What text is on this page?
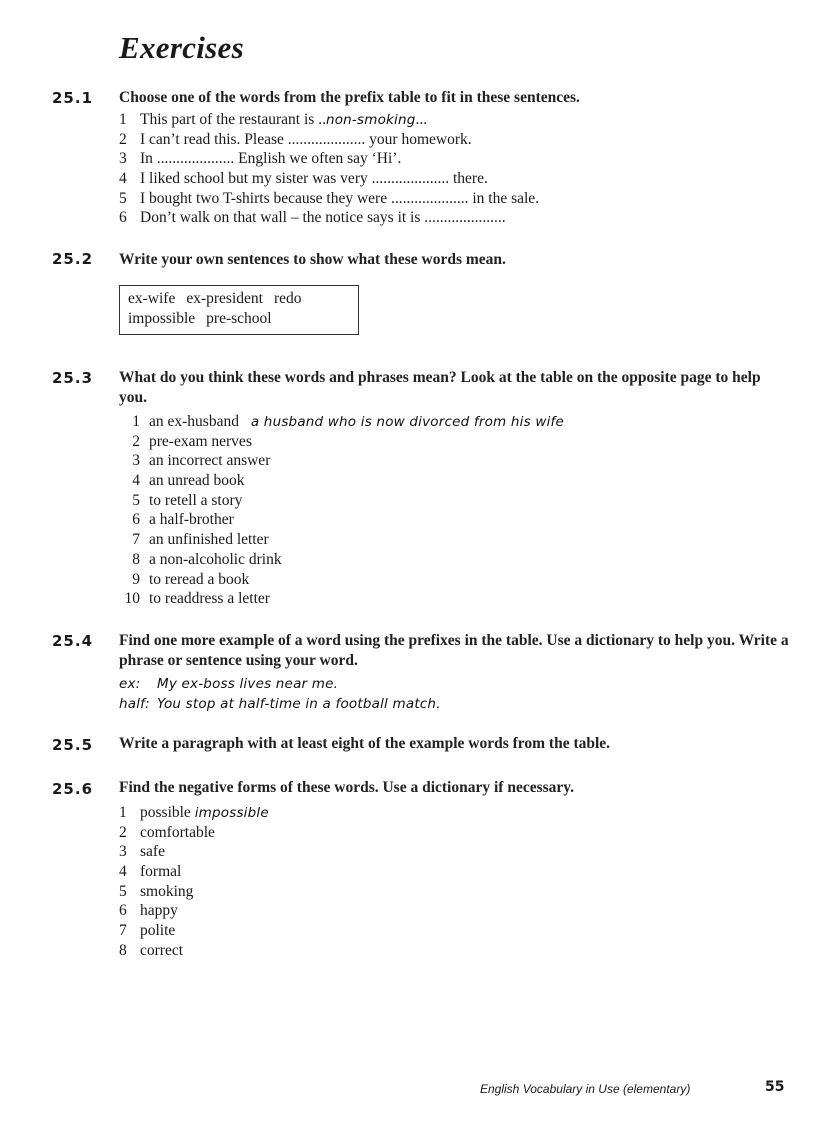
Exercises
25.1 Choose one of the words from the prefix table to fit in these sentences.
1 This part of the restaurant is ..non-smoking...
2 I can’t read this. Please .................... your homework.
3 In .................... English we often say ‘Hi’.
4 I liked school but my sister was very .................... there.
5 I bought two T-shirts because they were .................... in the sale.
6 Don’t walk on that wall – the notice says it is .....................
25.2 Write your own sentences to show what these words mean.
ex-wife ex-president redo
impossible pre-school
25.3 What do you think these words and phrases mean? Look at the table on the opposite page to help you.
1 an ex-husband a husband who is now divorced from his wife
2 pre-exam nerves
3 an incorrect answer
4 an unread book
5 to retell a story
6 a half-brother
7 an unfinished letter
8 a non-alcoholic drink
9 to reread a book
10 to readdress a letter
25.4 Find one more example of a word using the prefixes in the table. Use a dictionary to help you. Write a phrase or sentence using your word.
ex: My ex-boss lives near me.
half: You stop at half-time in a football match.
25.5 Write a paragraph with at least eight of the example words from the table.
25.6 Find the negative forms of these words. Use a dictionary if necessary.
1 possible impossible
2 comfortable
3 safe
4 formal
5 smoking
6 happy
7 polite
8 correct
English Vocabulary in Use (elementary)	55
